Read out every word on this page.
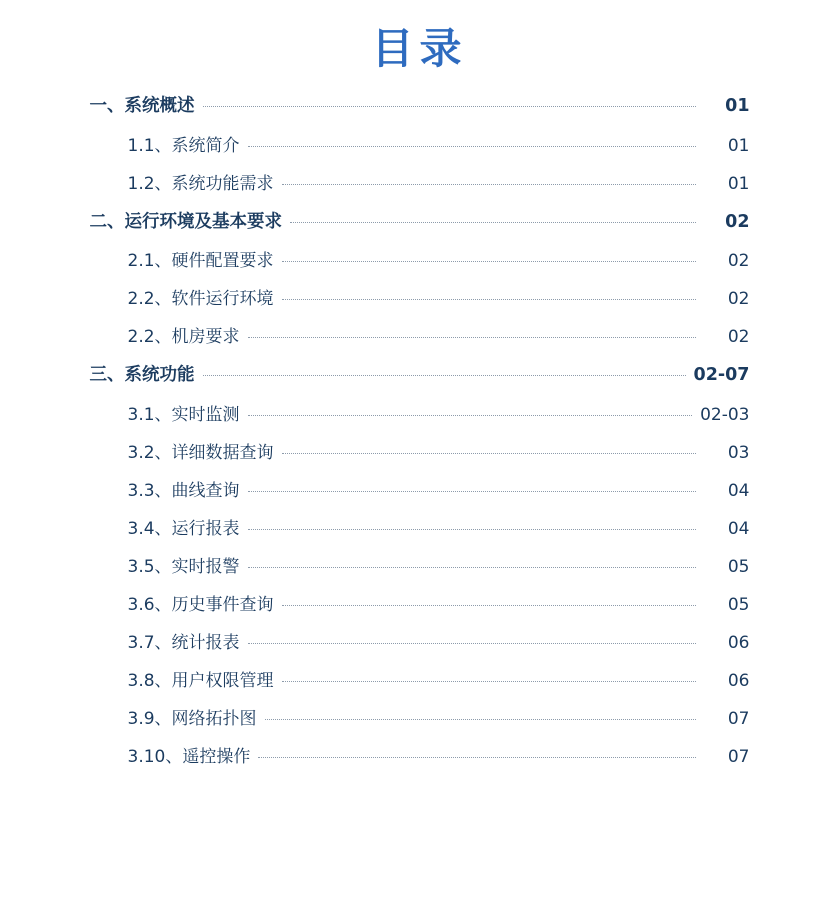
目录
一、系统概述	01
1.1、系统简介	01
1.2、系统功能需求	01
二、运行环境及基本要求	02
2.1、硬件配置要求	02
2.2、软件运行环境	02
2.2、机房要求	02
三、系统功能	02-07
3.1、实时监测	02-03
3.2、详细数据查询	03
3.3、曲线查询	04
3.4、运行报表	04
3.5、实时报警	05
3.6、历史事件查询	05
3.7、统计报表	06
3.8、用户权限管理	06
3.9、网络拓扑图	07
3.10、遥控操作	07
